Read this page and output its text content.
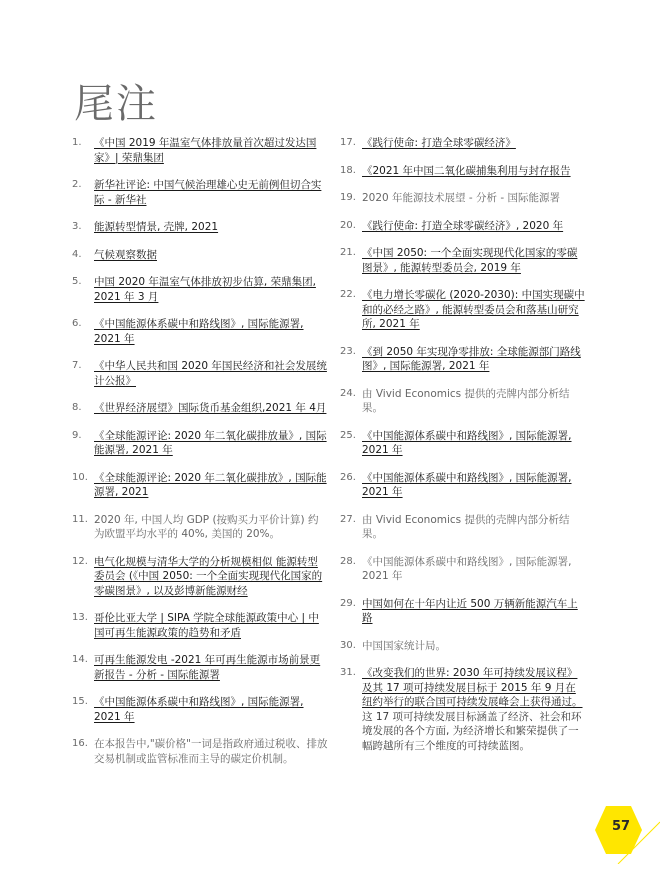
尾注
1.	《中国 2019 年温室气体排放量首次超过发达国家》| 荣鼎集团
2.	新华社评论: 中国气候治理雄心史无前例但切合实际 - 新华社
3.	能源转型情景, 壳牌, 2021
4.	气候观察数据
5.	中国 2020 年温室气体排放初步估算, 荣鼎集团, 2021 年 3 月
6.	《中国能源体系碳中和路线图》, 国际能源署, 2021 年
7.	《中华人民共和国 2020 年国民经济和社会发展统计公报》
8.	《世界经济展望》国际货币基金组织,2021 年 4月
9.	《全球能源评论: 2020 年二氧化碳排放量》, 国际能源署, 2021 年
10. 《全球能源评论: 2020 年二氧化碳排放》, 国际能源署, 2021
11. 2020 年, 中国人均 GDP (按购买力平价计算) 约为欧盟平均水平的 40%, 美国的 20%。
12. 电气化规模与清华大学的分析规模相似 能源转型委员会 (《中国 2050: 一个全面实现现代化国家的零碳图景》, 以及彭博新能源财经
13. 哥伦比亚大学 | SIPA 学院全球能源政策中心 | 中国可再生能源政策的趋势和矛盾
14. 可再生能源发电 -2021 年可再生能源市场前景更新报告 - 分析 - 国际能源署
15. 《中国能源体系碳中和路线图》, 国际能源署, 2021 年
16. 在本报告中,"碳价格"一词是指政府通过税收、排放交易机制或监管标准而主导的碳定价机制。
17. 《践行使命: 打造全球零碳经济》
18. 《2021 年中国二氧化碳捕集利用与封存报告
19. 2020 年能源技术展望 - 分析 - 国际能源署
20. 《践行使命: 打造全球零碳经济》, 2020 年
21. 《中国 2050: 一个全面实现现代化国家的零碳图景》, 能源转型委员会, 2019 年
22. 《电力增长零碳化 (2020-2030): 中国实现碳中和的必经之路》, 能源转型委员会和落基山研究所, 2021 年
23. 《到 2050 年实现净零排放: 全球能源部门路线图》, 国际能源署, 2021 年
24. 由 Vivid Economics 提供的壳牌内部分析结果。
25. 《中国能源体系碳中和路线图》, 国际能源署, 2021 年
26. 《中国能源体系碳中和路线图》, 国际能源署, 2021 年
27. 由 Vivid Economics 提供的壳牌内部分析结果。
28. 《中国能源体系碳中和路线图》, 国际能源署, 2021 年
29. 中国如何在十年内让近 500 万辆新能源汽车上路
30. 中国国家统计局。
31. 《改变我们的世界: 2030 年可持续发展议程》及其 17 项可持续发展目标于 2015 年 9 月在纽约举行的联合国可持续发展峰会上获得通过。这 17 项可持续发展目标涵盖了经济、社会和环境发展的各个方面, 为经济增长和繁荣提供了一幅跨越所有三个维度的可持续蓝图。
57
